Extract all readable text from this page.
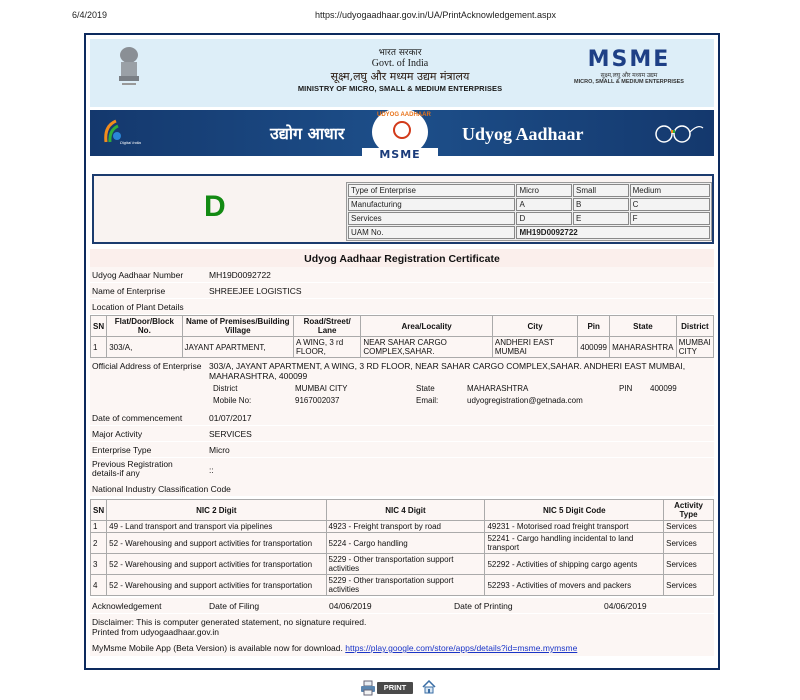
6/4/2019	https://udyogaadhaar.gov.in/UA/PrintAcknowledgement.aspx
भारत सरकार
Govt. of India
सूक्ष्म,लघु और मध्यम उद्यम मंत्रालय
MINISTRY OF MICRO, SMALL & MEDIUM ENTERPRISES
MSME
सूक्ष्म,लघु और मध्यम उद्यम
MICRO, SMALL & MEDIUM ENTERPRISES
Digital India	उद्योग आधार
UDYOG AADHAAR
MSME
Udyog Aadhaar
D	Type of Enterprise	Micro	Small	Medium
Manufacturing	A	B	C
Services	D	E	F
UAM No.	MH19D0092722		
Udyog Aadhaar Registration Certificate
Udyog Aadhaar Number	MH19D0092722
Name of Enterprise	SHREEJEE LOGISTICS
Location of Plant Details
SN	Flat/Door/Block No.	Name of Premises/Building Village	Road/Street/ Lane	Area/Locality	City	Pin	State	District
1	303/A,	JAYANT APARTMENT,	A WING, 3 rd FLOOR,	NEAR SAHAR CARGO COMPLEX,SAHAR.	ANDHERI EAST MUMBAI	400099	MAHARASHTRA	MUMBAI CITY
Official Address of Enterprise 303/A, JAYANT APARTMENT, A WING, 3 RD FLOOR, NEAR SAHAR CARGO COMPLEX,SAHAR. ANDHERI EAST MUMBAI, MAHARASHTRA, 400099
District	MUMBAI CITY	State	MAHARASHTRA	PIN 400099
Mobile No:	9167002037	Email:	udyogregistration@getnada.com
Date of commencement	01/07/2017
Major Activity	SERVICES
Enterprise Type	Micro
Previous Registration details-if any	::
National Industry Classification Code
SN	NIC 2 Digit	NIC 4 Digit	NIC 5 Digit Code	Activity Type
1	49 - Land transport and transport via pipelines	4923 - Freight transport by road	49231 - Motorised road freight transport	Services
2	52 - Warehousing and support activities for transportation	5224 - Cargo handling	52241 - Cargo handling incidental to land transport	Services
3	52 - Warehousing and support activities for transportation	5229 - Other transportation support activities	52292 - Activities of shipping cargo agents	Services
4	52 - Warehousing and support activities for transportation	5229 - Other transportation support activities	52293 - Activities of movers and packers	Services
Acknowledgement	Date of Filing	04/06/2019	Date of Printing	04/06/2019
Disclaimer: This is computer generated statement, no signature required.
Printed from udyogaadhaar.gov.in
MyMsme Mobile App (Beta Version) is available now for download. https://play.google.com/store/apps/details?id=msme.mymsme
PRINT
